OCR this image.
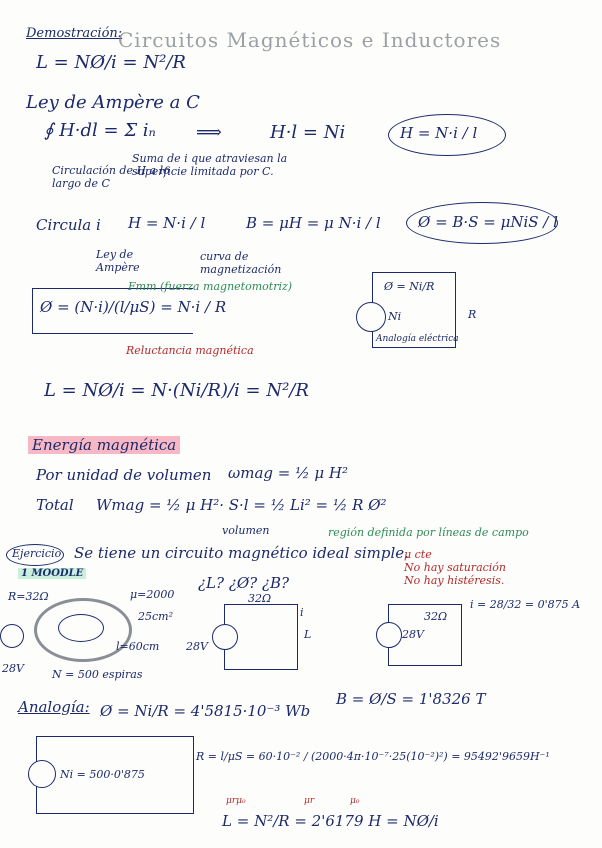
Demostración:
Circuitos Magnéticos e Inductores
L = NØ/i = N²/R
Ley de Ampère a C
∮ H·dl = Σ iₙ ⟹	H·l = Ni	H = N·i / l
Circulación de H a lo largo de C
Suma de i que atraviesan la superficie limitada por C.
Circula i H = N·i / l	B = μH = μ N·i / l Ø = B·S = μNiS / l
Ley de Ampère
curva de magnetización
Ø = (N·i)/(l/μS) = N·i / R
Fmm (fuerza magnetomotriz)
Reluctancia magnética
Ø = Ni/R
Ni	R
Analogía eléctrica
L = NØ/i = N·(Ni/R)/i = N²/R
Energía magnética
Por unidad de volumen ωmag = ½ μ H²
Total Wmag = ½ μ H²· S·l = ½ Li² = ½ R Ø²
volumen
Ejercicio Se tiene un circuito magnético ideal simple.
región definida por líneas de campo
μ cte
No hay saturación
No hay histéresis.
1 MOODLE
¿L? ¿Ø? ¿B?
R=32Ω	μ=2000
25cm²
l=60cm
28V	N = 500 espiras
32Ω
28V
L
i	32Ω
28V
i = 28/32 = 0'875 A
Analogía: Ø = Ni/R = 4'5815·10⁻³ Wb
B = Ø/S = 1'8326 T
Ni = 500·0'875
R = l/μS = 60·10⁻² / (2000·4π·10⁻⁷·25(10⁻²)²) = 95492'9659H⁻¹
μrμ₀	μr	μ₀
L = N²/R = 2'6179 H = NØ/i
